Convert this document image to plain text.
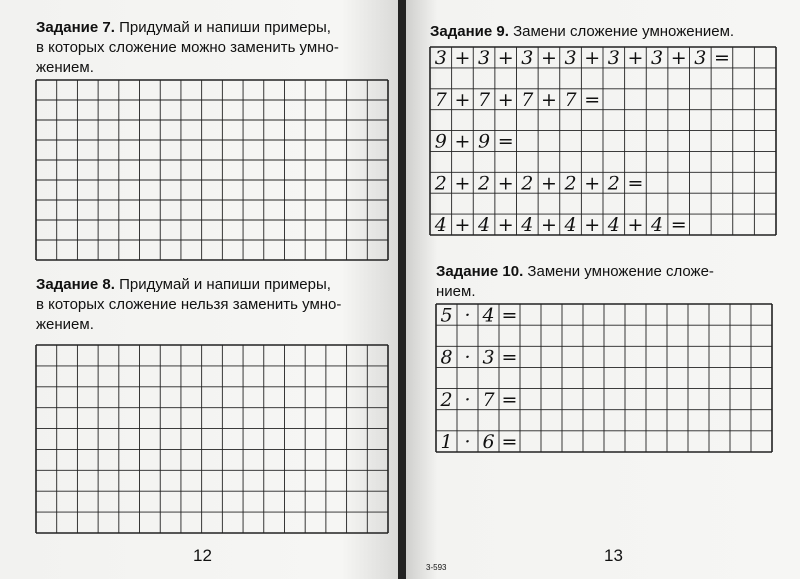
Задание 7. Придумай и напиши примеры,
в которых сложение можно заменить умно-
жением.
Задание 8. Придумай и напиши примеры,
в которых сложение нельзя заменить умно-
жением.
12
Задание 9. Замени сложение умножением.
3 + 3 + 3 + 3 + 3 + 3 + 3 =
7 + 7 + 7 + 7 =
9 + 9 =
2 + 2 + 2 + 2 + 2 =
4 + 4 + 4 + 4 + 4 + 4 =
Задание 10. Замени умножение сложе-
нием.
5 · 4 =
8 · 3 =
2 · 7 =
1 · 6 =
3-593
13
